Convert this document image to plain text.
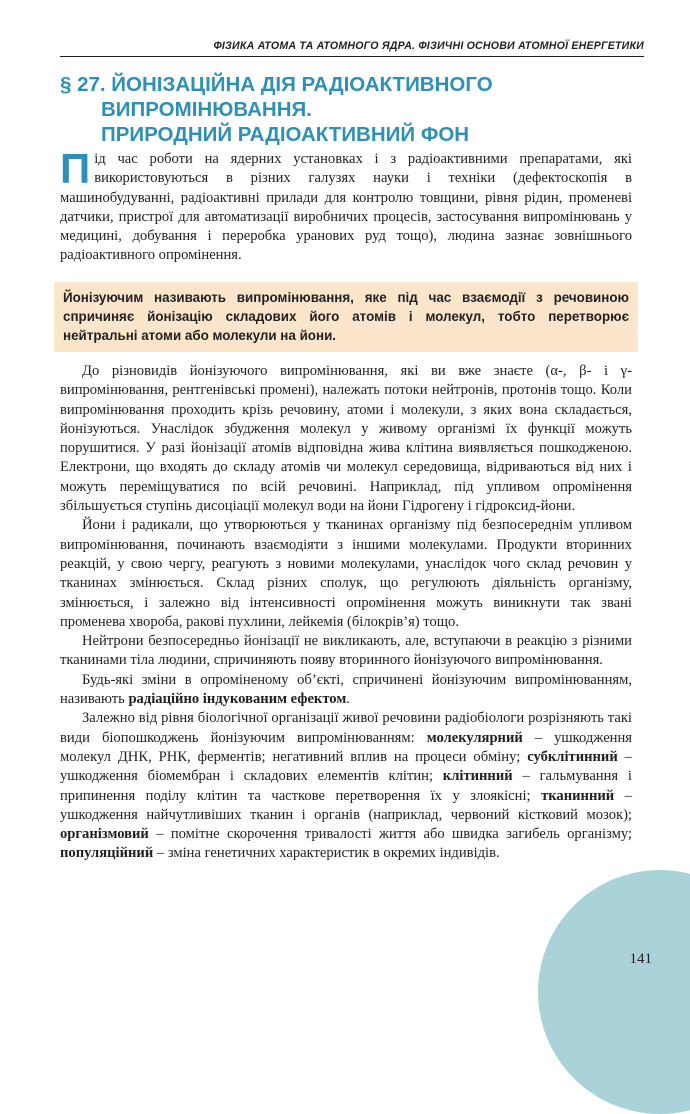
ФІЗИКА АТОМА ТА АТОМНОГО ЯДРА. ФІЗИЧНІ ОСНОВИ АТОМНОЇ ЕНЕРГЕТИКИ
§ 27. ЙОНІЗАЦІЙНА ДІЯ РАДІОАКТИВНОГО
ВИПРОМІНЮВАННЯ.
ПРИРОДНИЙ РАДІОАКТИВНИЙ ФОН

Під час роботи на ядерних установках і з радіоактивними препаратами, які використовуються в різних галузях науки і техніки (дефектоскопія в машинобудуванні, радіоактивні прилади для контролю товщини, рівня рідин, променеві датчики, пристрої для автоматизації виробничих процесів, застосування випромінювань у медицині, добування і переробка уранових руд тощо), людина зазнає зовнішнього радіоактивного опромінення.

Йонізуючим називають випромінювання, яке під час взаємодії з речовиною спричиняє йонізацію складових його атомів і молекул, тобто перетворює нейтральні атоми або молекули на йони.

До різновидів йонізуючого випромінювання, які ви вже знаєте (α-, β- і γ-випромінювання, рентгенівські промені), належать потоки нейтронів, протонів тощо. Коли випромінювання проходить крізь речовину, атоми і молекули, з яких вона складається, йонізуються. Унаслідок збудження молекул у живому організмі їх функції можуть порушитися. У разі йонізації атомів відповідна жива клітина виявляється пошкодженою. Електрони, що входять до складу атомів чи молекул середовища, відриваються від них і можуть переміщуватися по всій речовині. Наприклад, під упливом опромінення збільшується ступінь дисоціації молекул води на йони Гідрогену і гідроксид-йони.

Йони і радикали, що утворюються у тканинах організму під безпосереднім упливом випромінювання, починають взаємодіяти з іншими молекулами. Продукти вторинних реакцій, у свою чергу, реагують з новими молекулами, унаслідок чого склад речовин у тканинах змінюється. Склад різних сполук, що регулюють діяльність організму, змінюється, і залежно від інтенсивності опромінення можуть виникнути так звані променева хвороба, ракові пухлини, лейкемія (білокрів’я) тощо.

Нейтрони безпосередньо йонізації не викликають, але, вступаючи в реакцію з різними тканинами тіла людини, спричиняють появу вторинного йонізуючого випромінювання.

Будь-які зміни в опроміненому об’єкті, спричинені йонізуючим випромінюванням, називають радіаційно індукованим ефектом.

Залежно від рівня біологічної організації живої речовини радіобіологи розрізняють такі види біопошкоджень йонізуючим випромінюванням: молекулярний – ушкодження молекул ДНК, РНК, ферментів; негативний вплив на процеси обміну; субклітинний – ушкодження біомембран і складових елементів клітин; клітинний – гальмування і припинення поділу клітин та часткове перетворення їх у злоякісні; тканинний – ушкодження найчутливіших тканин і органів (наприклад, червоний кістковий мозок); організмовий – помітне скорочення тривалості життя або швидка загибель організму; популяційний – зміна генетичних характеристик в окремих індивідів.

141
